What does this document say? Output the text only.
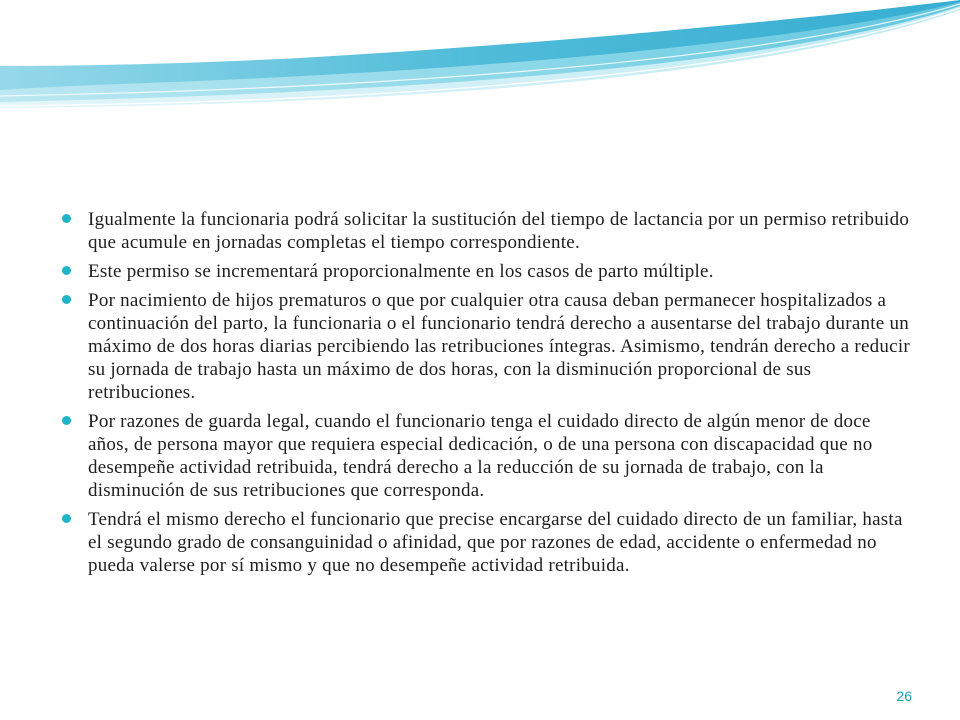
Igualmente la funcionaria podrá solicitar la sustitución del tiempo de lactancia por un permiso retribuido que acumule en jornadas completas el tiempo correspondiente.
Este permiso se incrementará proporcionalmente en los casos de parto múltiple.
Por nacimiento de hijos prematuros o que por cualquier otra causa deban permanecer hospitalizados a continuación del parto, la funcionaria o el funcionario tendrá derecho a ausentarse del trabajo durante un máximo de dos horas diarias percibiendo las retribuciones íntegras. Asimismo, tendrán derecho a reducir su jornada de trabajo hasta un máximo de dos horas, con la disminución proporcional de sus retribuciones.
Por razones de guarda legal, cuando el funcionario tenga el cuidado directo de algún menor de doce años, de persona mayor que requiera especial dedicación, o de una persona con discapacidad que no desempeñe actividad retribuida, tendrá derecho a la reducción de su jornada de trabajo, con la disminución de sus retribuciones que corresponda.
Tendrá el mismo derecho el funcionario que precise encargarse del cuidado directo de un familiar, hasta el segundo grado de consanguinidad o afinidad, que por razones de edad, accidente o enfermedad no pueda valerse por sí mismo y que no desempeñe actividad retribuida.
26
